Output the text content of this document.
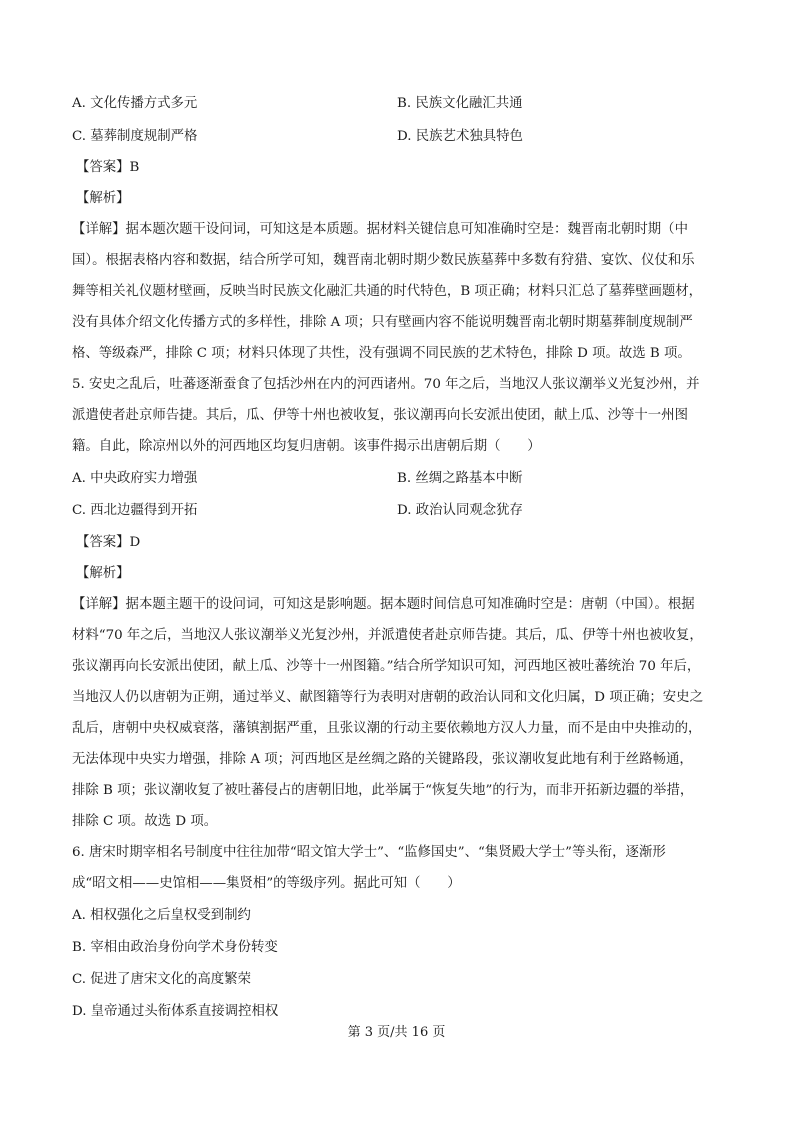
A. 文化传播方式多元	B. 民族文化融汇共通
C. 墓葬制度规制严格	D. 民族艺术独具特色
【答案】B
【解析】
【详解】据本题次题干设问词，可知这是本质题。据材料关键信息可知准确时空是：魏晋南北朝时期（中
国）。根据表格内容和数据，结合所学可知，魏晋南北朝时期少数民族墓葬中多数有狩猎、宴饮、仪仗和乐
舞等相关礼仪题材壁画，反映当时民族文化融汇共通的时代特色，B 项正确；材料只汇总了墓葬壁画题材，
没有具体介绍文化传播方式的多样性，排除 A 项；只有壁画内容不能说明魏晋南北朝时期墓葬制度规制严
格、等级森严，排除 C 项；材料只体现了共性，没有强调不同民族的艺术特色，排除 D 项。故选 B 项。
5. 安史之乱后，吐蕃逐渐蚕食了包括沙州在内的河西诸州。70 年之后，当地汉人张议潮举义光复沙州，并
派遣使者赴京师告捷。其后，瓜、伊等十州也被收复，张议潮再向长安派出使团，献上瓜、沙等十一州图
籍。自此，除凉州以外的河西地区均复归唐朝。该事件揭示出唐朝后期（　　）
A. 中央政府实力增强	B. 丝绸之路基本中断
C. 西北边疆得到开拓	D. 政治认同观念犹存
【答案】D
【解析】
【详解】据本题主题干的设问词，可知这是影响题。据本题时间信息可知准确时空是：唐朝（中国）。根据
材料“70 年之后，当地汉人张议潮举义光复沙州，并派遣使者赴京师告捷。其后，瓜、伊等十州也被收复，
张议潮再向长安派出使团，献上瓜、沙等十一州图籍。”结合所学知识可知，河西地区被吐蕃统治 70 年后，
当地汉人仍以唐朝为正朔，通过举义、献图籍等行为表明对唐朝的政治认同和文化归属，D 项正确；安史之
乱后，唐朝中央权威衰落，藩镇割据严重，且张议潮的行动主要依赖地方汉人力量，而不是由中央推动的，
无法体现中央实力增强，排除 A 项；河西地区是丝绸之路的关键路段，张议潮收复此地有利于丝路畅通，
排除 B 项；张议潮收复了被吐蕃侵占的唐朝旧地，此举属于“恢复失地”的行为，而非开拓新边疆的举措，
排除 C 项。故选 D 项。
6. 唐宋时期宰相名号制度中往往加带“昭文馆大学士”、“监修国史”、“集贤殿大学士”等头衔，逐渐形
成“昭文相——史馆相——集贤相”的等级序列。据此可知（　　）
A. 相权强化之后皇权受到制约
B. 宰相由政治身份向学术身份转变
C. 促进了唐宋文化的高度繁荣
D. 皇帝通过头衔体系直接调控相权
第 3 页/共 16 页
